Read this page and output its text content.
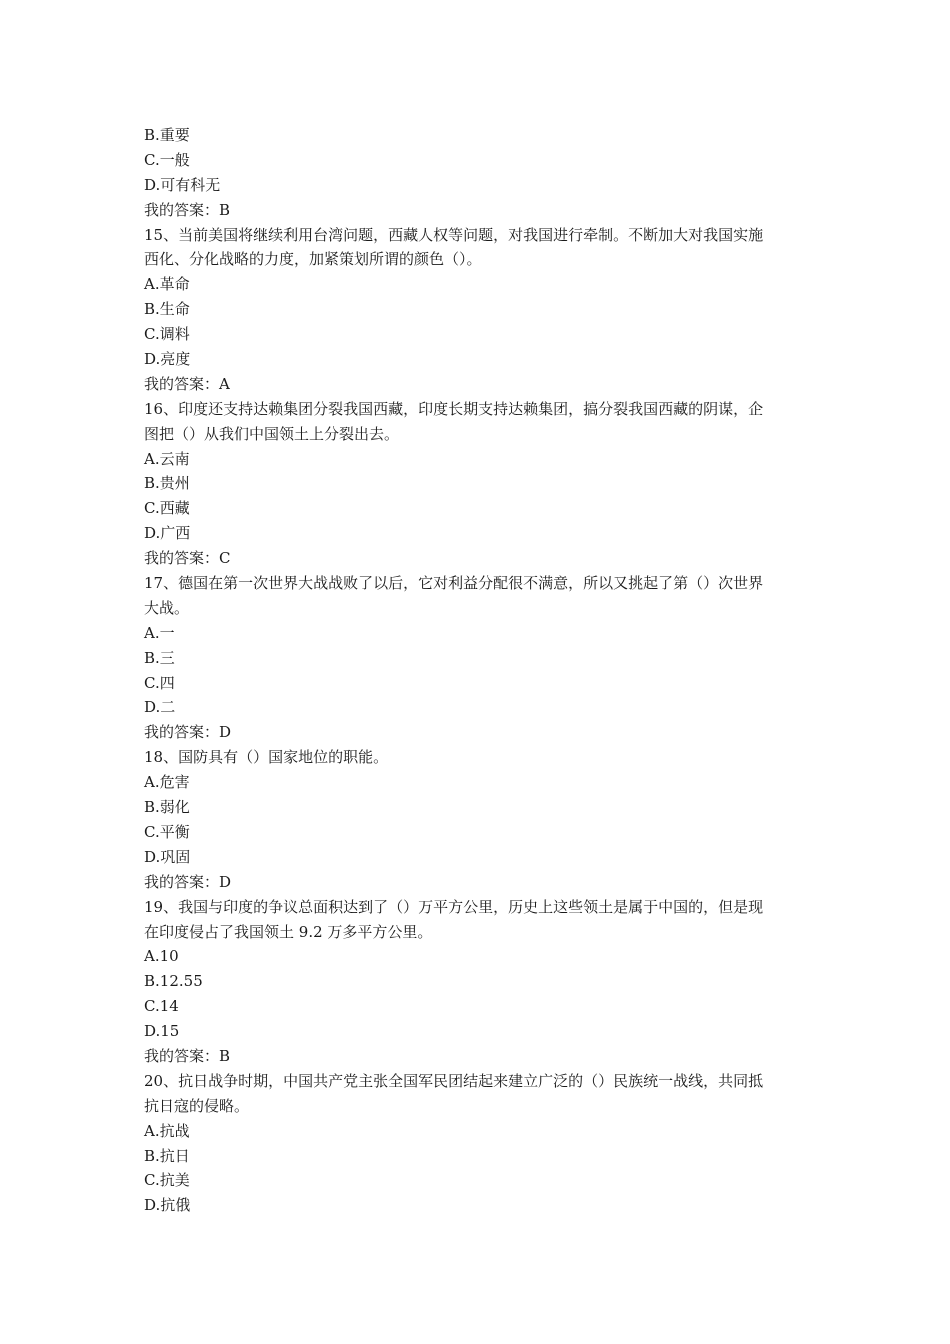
B.重要
C.一般
D.可有科无
我的答案：B
15、当前美国将继续利用台湾问题，西藏人权等问题，对我国进行牵制。不断加大对我国实施
西化、分化战略的力度，加紧策划所谓的颜色（）。
A.革命
B.生命
C.调料
D.亮度
我的答案：A
16、印度还支持达赖集团分裂我国西藏，印度长期支持达赖集团，搞分裂我国西藏的阴谋，企
图把（）从我们中国领土上分裂出去。
A.云南
B.贵州
C.西藏
D.广西
我的答案：C
17、德国在第一次世界大战战败了以后，它对利益分配很不满意，所以又挑起了第（）次世界
大战。
A.一
B.三
C.四
D.二
我的答案：D
18、国防具有（）国家地位的职能。
A.危害
B.弱化
C.平衡
D.巩固
我的答案：D
19、我国与印度的争议总面积达到了（）万平方公里，历史上这些领土是属于中国的，但是现
在印度侵占了我国领土 9.2 万多平方公里。
A.10
B.12.55
C.14
D.15
我的答案：B
20、抗日战争时期，中国共产党主张全国军民团结起来建立广泛的（）民族统一战线，共同抵
抗日寇的侵略。
A.抗战
B.抗日
C.抗美
D.抗俄
